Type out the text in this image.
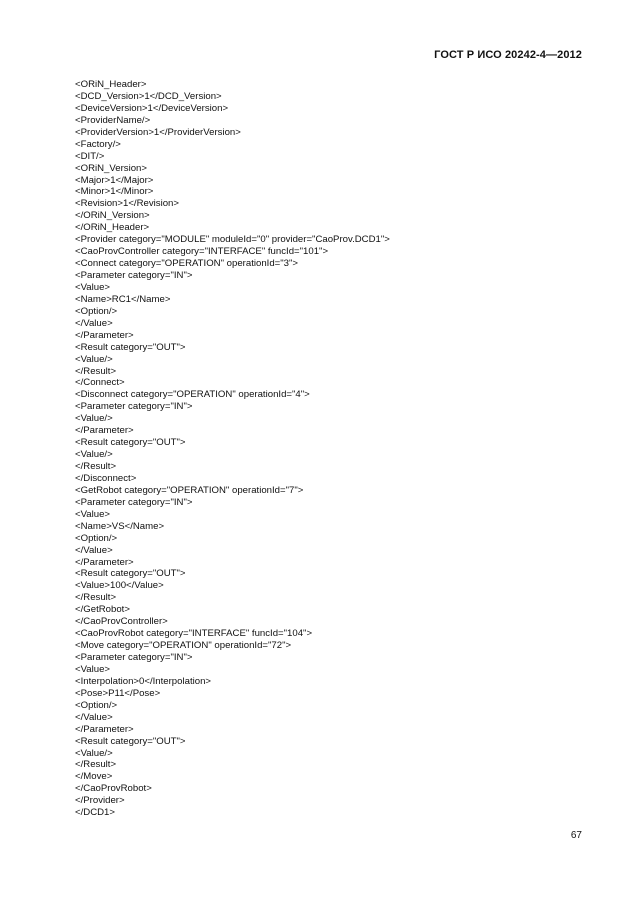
ГОСТ Р ИСО 20242-4—2012
<ORiN_Header>
<DCD_Version>1</DCD_Version>
<DeviceVersion>1</DeviceVersion>
<ProviderName/>
<ProviderVersion>1</ProviderVersion>
<Factory/>
<DIT/>
<ORiN_Version>
<Major>1</Major>
<Minor>1</Minor>
<Revision>1</Revision>
</ORiN_Version>
</ORiN_Header>
<Provider category="MODULE" moduleId="0" provider="CaoProv.DCD1">
<CaoProvController category="INTERFACE" funcId="101">
<Connect category="OPERATION" operationId="3">
<Parameter category="IN">
<Value>
<Name>RC1</Name>
<Option/>
</Value>
</Parameter>
<Result category="OUT">
<Value/>
</Result>
</Connect>
<Disconnect category="OPERATION" operationId="4">
<Parameter category="IN">
<Value/>
</Parameter>
<Result category="OUT">
<Value/>
</Result>
</Disconnect>
<GetRobot category="OPERATION" operationId="7">
<Parameter category="IN">
<Value>
<Name>VS</Name>
<Option/>
</Value>
</Parameter>
<Result category="OUT">
<Value>100</Value>
</Result>
</GetRobot>
</CaoProvController>
<CaoProvRobot category="INTERFACE" funcId="104">
<Move category="OPERATION" operationId="72">
<Parameter category="IN">
<Value>
<Interpolation>0</Interpolation>
<Pose>P11</Pose>
<Option/>
</Value>
</Parameter>
<Result category="OUT">
<Value/>
</Result>
</Move>
</CaoProvRobot>
</Provider>
</DCD1>
67
